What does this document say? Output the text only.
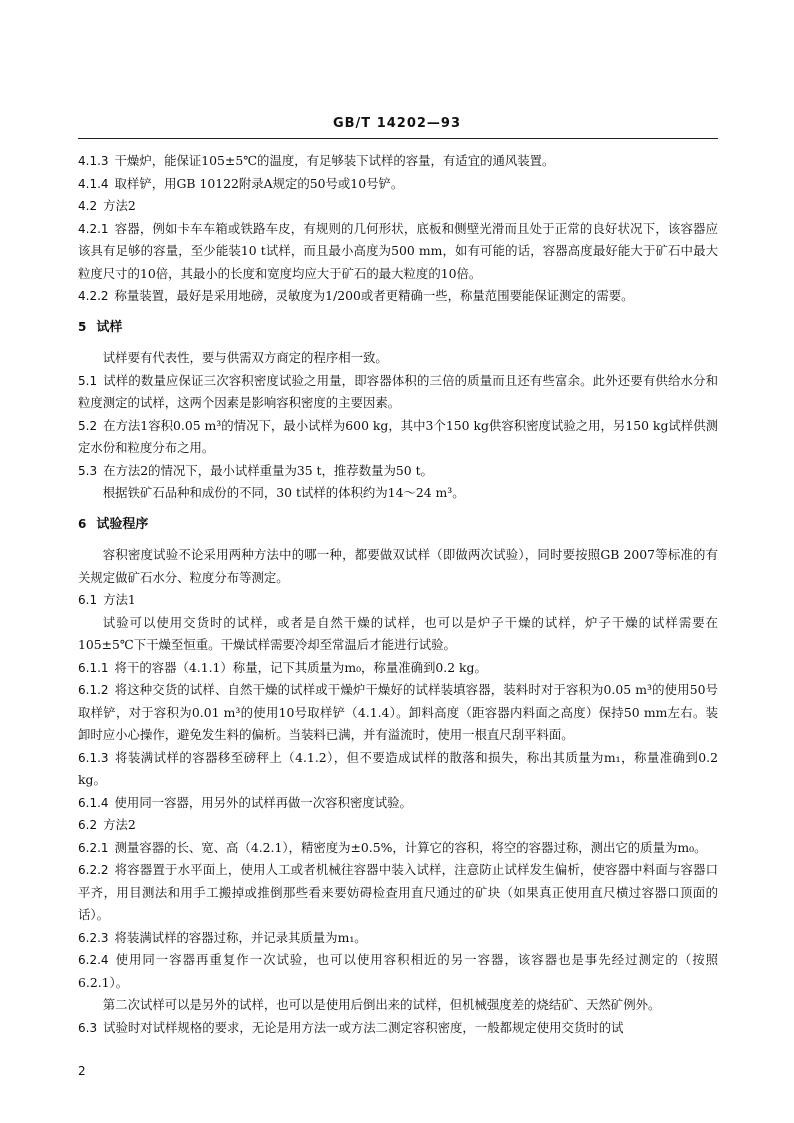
GB/T 14202—93
4.1.3 干燥炉，能保证105±5℃的温度，有足够装下试样的容量，有适宜的通风装置。
4.1.4 取样铲，用GB 10122附录A规定的50号或10号铲。
4.2 方法2
4.2.1 容器，例如卡车车箱或铁路车皮，有规则的几何形状，底板和侧壁光滑而且处于正常的良好状况下，该容器应该具有足够的容量，至少能装10 t试样，而且最小高度为500 mm，如有可能的话，容器高度最好能大于矿石中最大粒度尺寸的10倍，其最小的长度和宽度均应大于矿石的最大粒度的10倍。
4.2.2 称量装置，最好是采用地磅，灵敏度为1/200或者更精确一些，称量范围要能保证测定的需要。
5 试样
试样要有代表性，要与供需双方商定的程序相一致。
5.1 试样的数量应保证三次容积密度试验之用量，即容器体积的三倍的质量而且还有些富余。此外还要有供给水分和粒度测定的试样，这两个因素是影响容积密度的主要因素。
5.2 在方法1容积0.05 m³的情况下，最小试样为600 kg，其中3个150 kg供容积密度试验之用，另150 kg试样供测定水份和粒度分布之用。
5.3 在方法2的情况下，最小试样重量为35 t，推荐数量为50 t。
根据铁矿石品种和成份的不同，30 t试样的体积约为14～24 m³。
6 试验程序
容积密度试验不论采用两种方法中的哪一种，都要做双试样（即做两次试验），同时要按照GB 2007等标准的有关规定做矿石水分、粒度分布等测定。
6.1 方法1
试验可以使用交货时的试样，或者是自然干燥的试样，也可以是炉子干燥的试样，炉子干燥的试样需要在105±5℃下干燥至恒重。干燥试样需要冷却至常温后才能进行试验。
6.1.1 将干的容器（4.1.1）称量，记下其质量为m₀，称量准确到0.2 kg。
6.1.2 将这种交货的试样、自然干燥的试样或干燥炉干燥好的试样装填容器，装料时对于容积为0.05 m³的使用50号取样铲，对于容积为0.01 m³的使用10号取样铲（4.1.4）。卸料高度（距容器内料面之高度）保持50 mm左右。装卸时应小心操作，避免发生料的偏析。当装料已满，并有溢流时，使用一根直尺刮平料面。
6.1.3 将装满试样的容器移至磅秤上（4.1.2），但不要造成试样的散落和损失，称出其质量为m₁，称量准确到0.2 kg。
6.1.4 使用同一容器，用另外的试样再做一次容积密度试验。
6.2 方法2
6.2.1 测量容器的长、宽、高（4.2.1），精密度为±0.5%，计算它的容积，将空的容器过称，测出它的质量为m₀。
6.2.2 将容器置于水平面上，使用人工或者机械往容器中装入试样，注意防止试样发生偏析，使容器中料面与容器口平齐，用目测法和用手工搬掉或推倒那些看来要妨碍检查用直尺通过的矿块（如果真正使用直尺横过容器口顶面的话）。
6.2.3 将装满试样的容器过称，并记录其质量为m₁。
6.2.4 使用同一容器再重复作一次试验，也可以使用容积相近的另一容器，该容器也是事先经过测定的（按照6.2.1）。
第二次试样可以是另外的试样，也可以是使用后倒出来的试样，但机械强度差的烧结矿、天然矿例外。
6.3 试验时对试样规格的要求，无论是用方法一或方法二测定容积密度，一般都规定使用交货时的试
2
